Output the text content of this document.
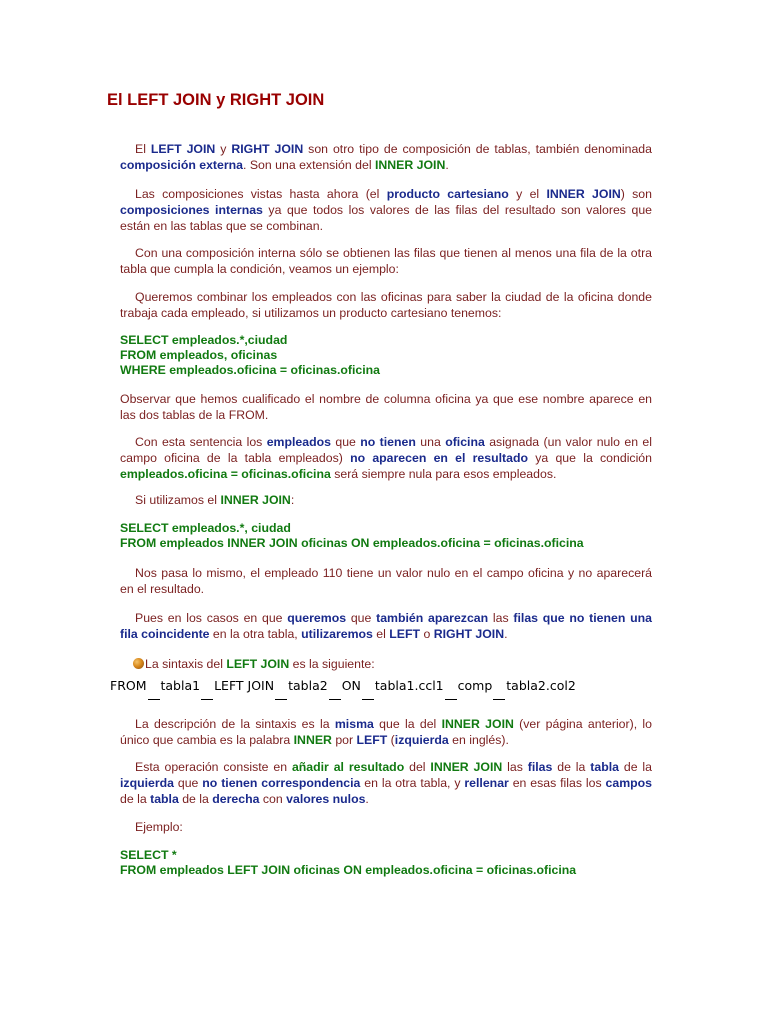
El LEFT JOIN y RIGHT JOIN

El LEFT JOIN y RIGHT JOIN son otro tipo de composición de tablas, también denominada composición externa. Son una extensión del INNER JOIN.

Las composiciones vistas hasta ahora (el producto cartesiano y el INNER JOIN) son composiciones internas ya que todos los valores de las filas del resultado son valores que están en las tablas que se combinan.

Con una composición interna sólo se obtienen las filas que tienen al menos una fila de la otra tabla que cumpla la condición, veamos un ejemplo:

Queremos combinar los empleados con las oficinas para saber la ciudad de la oficina donde trabaja cada empleado, si utilizamos un producto cartesiano tenemos:

SELECT empleados.*,ciudad
FROM empleados, oficinas
WHERE empleados.oficina = oficinas.oficina

Observar que hemos cualificado el nombre de columna oficina ya que ese nombre aparece en las dos tablas de la FROM.

Con esta sentencia los empleados que no tienen una oficina asignada (un valor nulo en el campo oficina de la tabla empleados) no aparecen en el resultado ya que la condición empleados.oficina = oficinas.oficina será siempre nula para esos empleados.

Si utilizamos el INNER JOIN:

SELECT empleados.*, ciudad
FROM empleados INNER JOIN oficinas ON empleados.oficina = oficinas.oficina

Nos pasa lo mismo, el empleado 110 tiene un valor nulo en el campo oficina y no aparecerá en el resultado.

Pues en los casos en que queremos que también aparezcan las filas que no tienen una fila coincidente en la otra tabla, utilizaremos el LEFT o RIGHT JOIN.

La sintaxis del LEFT JOIN es la siguiente:

FROM tabla1 LEFT JOIN tabla2 ON tabla1.ccl1 comp tabla2.col2

La descripción de la sintaxis es la misma que la del INNER JOIN (ver página anterior), lo único que cambia es la palabra INNER por LEFT (izquierda en inglés).

Esta operación consiste en añadir al resultado del INNER JOIN las filas de la tabla de la izquierda que no tienen correspondencia en la otra tabla, y rellenar en esas filas los campos de la tabla de la derecha con valores nulos.

Ejemplo:

SELECT *
FROM empleados LEFT JOIN oficinas ON empleados.oficina = oficinas.oficina
